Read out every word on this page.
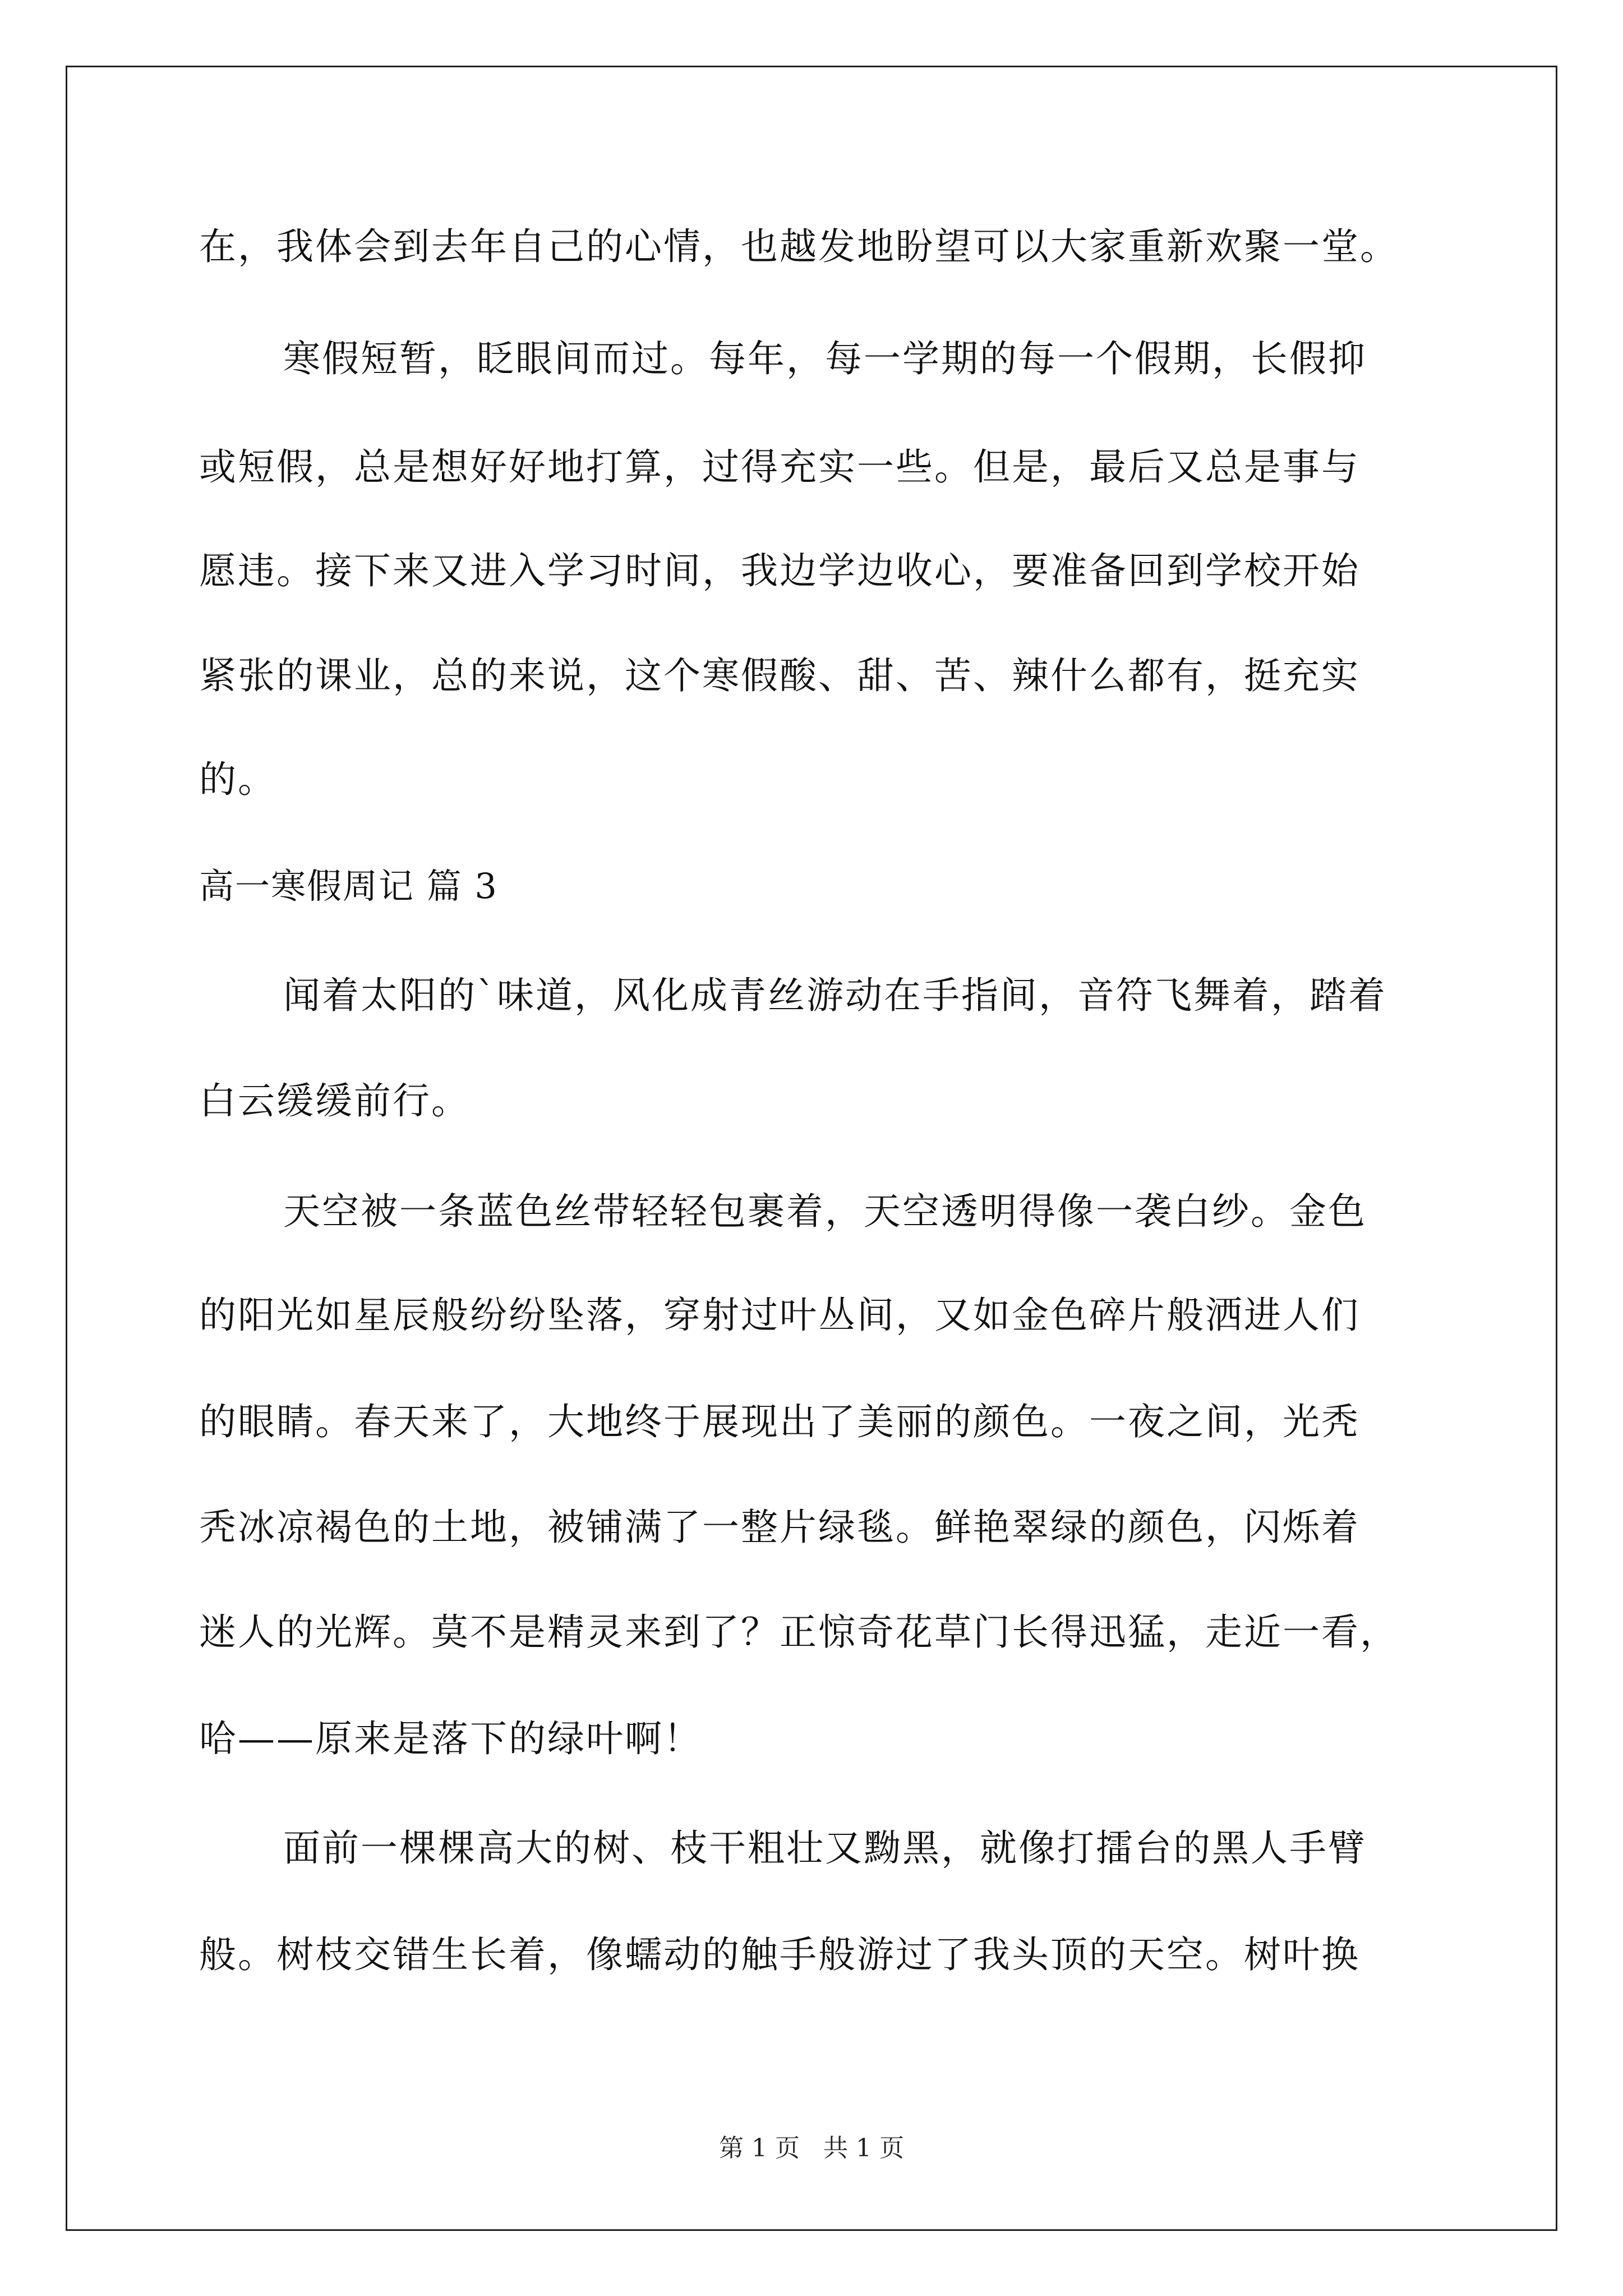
在，我体会到去年自己的心情，也越发地盼望可以大家重新欢聚一堂。
寒假短暂，眨眼间而过。每年，每一学期的每一个假期，长假抑
或短假，总是想好好地打算，过得充实一些。但是，最后又总是事与
愿违。接下来又进入学习时间，我边学边收心，要准备回到学校开始
紧张的课业，总的来说，这个寒假酸、甜、苦、辣什么都有，挺充实
的。
高一寒假周记 篇 3
闻着太阳的`味道，风化成青丝游动在手指间，音符飞舞着，踏着
白云缓缓前行。
天空被一条蓝色丝带轻轻包裹着，天空透明得像一袭白纱。金色
的阳光如星辰般纷纷坠落，穿射过叶丛间，又如金色碎片般洒进人们
的眼睛。春天来了，大地终于展现出了美丽的颜色。一夜之间，光秃
秃冰凉褐色的土地，被铺满了一整片绿毯。鲜艳翠绿的颜色，闪烁着
迷人的光辉。莫不是精灵来到了？正惊奇花草门长得迅猛，走近一看，
哈——原来是落下的绿叶啊！
面前一棵棵高大的树、枝干粗壮又黝黑，就像打擂台的黑人手臂
般。树枝交错生长着，像蠕动的触手般游过了我头顶的天空。树叶换
第 1 页 共 1 页
